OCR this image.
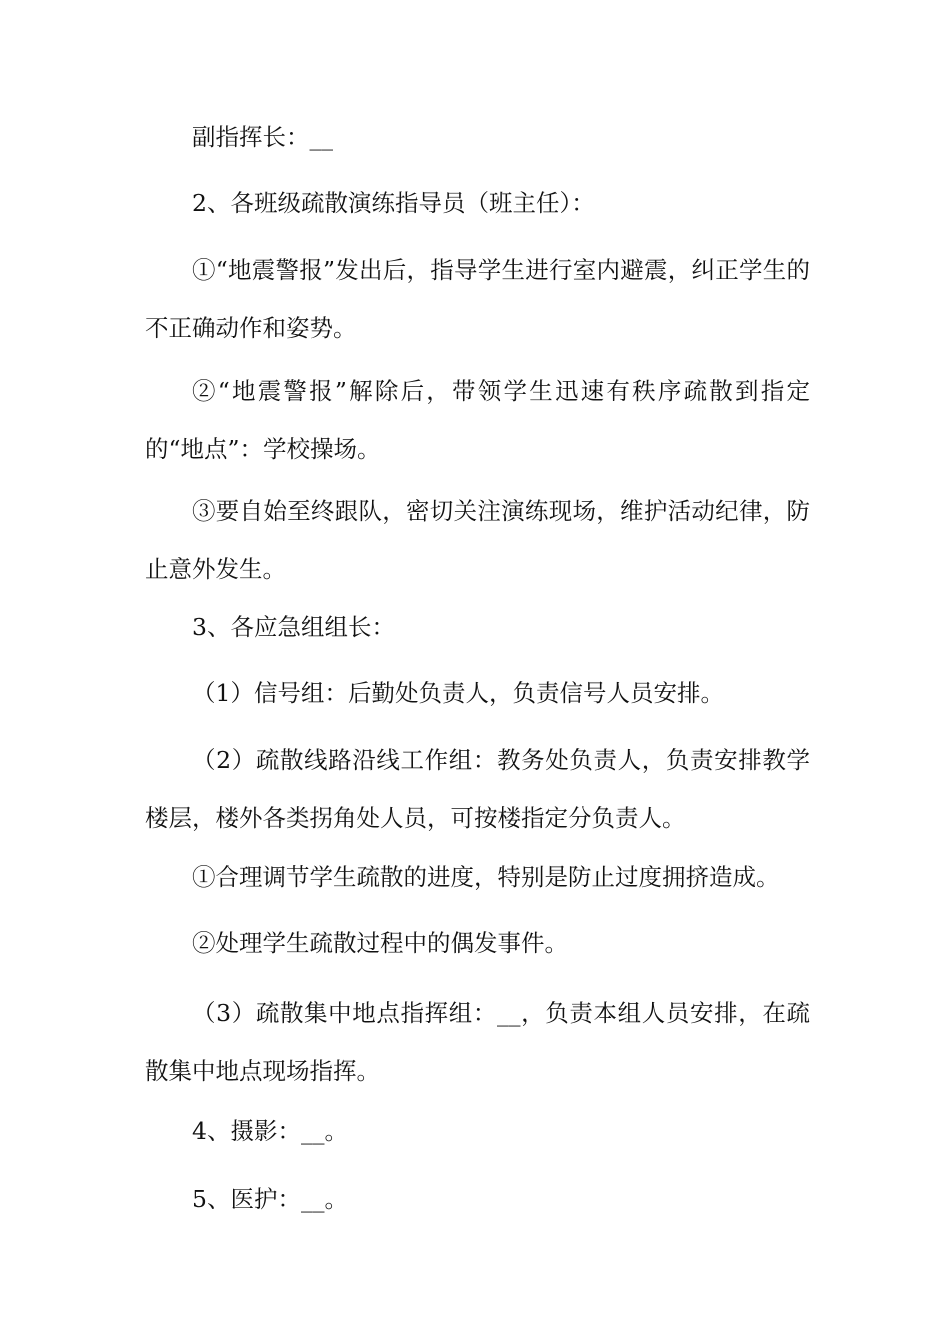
副指挥长：__

2、各班级疏散演练指导员（班主任）：

①“地震警报”发出后，指导学生进行室内避震，纠正学生的不正确动作和姿势。

②“地震警报”解除后，带领学生迅速有秩序疏散到指定的“地点”：学校操场。

③要自始至终跟队，密切关注演练现场，维护活动纪律，防止意外发生。

3、各应急组组长：

（1）信号组：后勤处负责人，负责信号人员安排。

（2）疏散线路沿线工作组：教务处负责人，负责安排教学楼层，楼外各类拐角处人员，可按楼指定分负责人。

①合理调节学生疏散的进度，特别是防止过度拥挤造成。

②处理学生疏散过程中的偶发事件。

（3）疏散集中地点指挥组：__，负责本组人员安排，在疏散集中地点现场指挥。

4、摄影：__。

5、医护：__。
